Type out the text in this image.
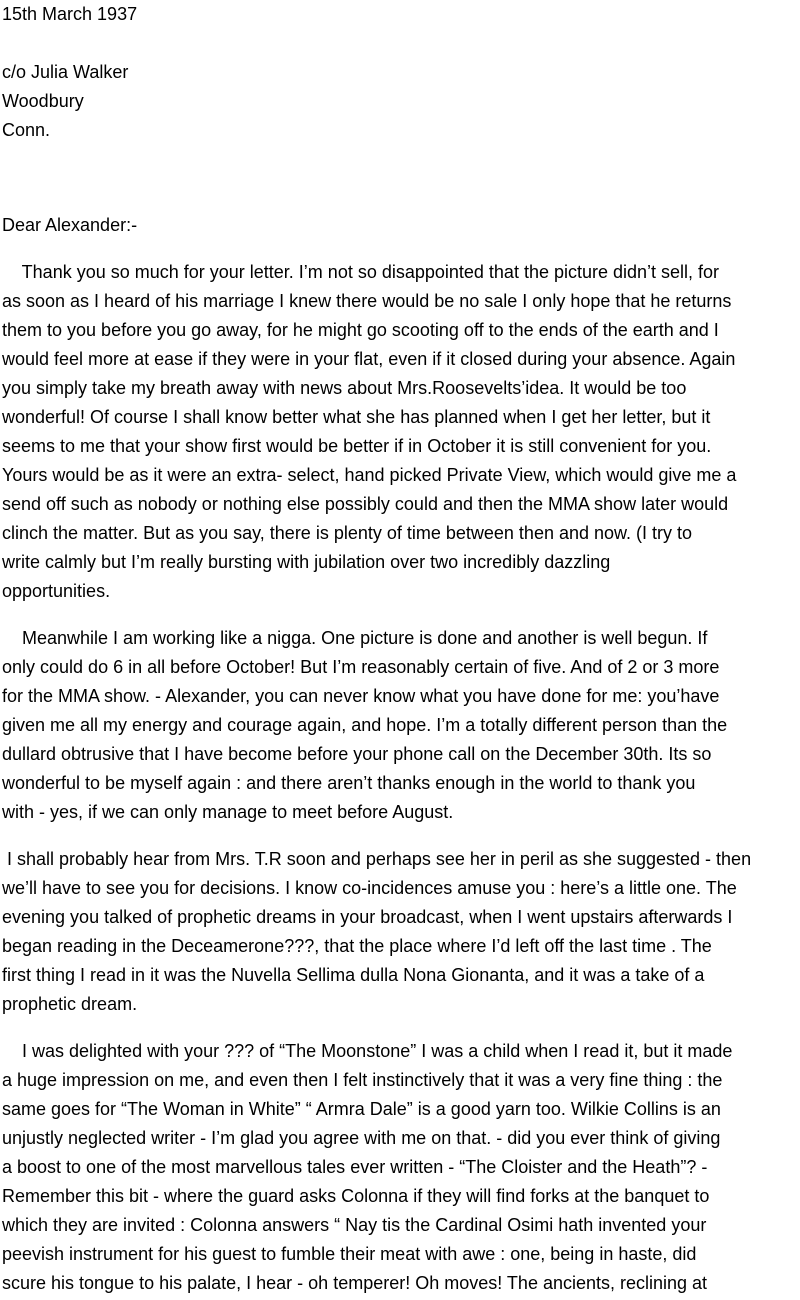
15th March 1937

c/o Julia Walker

Woodbury

Conn.

Dear Alexander:-

Thank you so much for your letter. I’m not so disappointed that the picture didn’t sell, for

as soon as I heard of his marriage I knew there would be no sale I only hope that he returns

them to you before you go away, for he might go scooting off to the ends of the earth and I

would feel more at ease if they were in your flat, even if it closed during your absence. Again

you simply take my breath away with news about Mrs.Roosevelts’idea. It would be too

wonderful! Of course I shall know better what she has planned when I get her letter, but it

seems to me that your show first would be better if in October it is still convenient for you.

Yours would be as it were an extra- select, hand picked Private View, which would give me a

send off such as nobody or nothing else possibly could and then the MMA show later would

clinch the matter. But as you say, there is plenty of time between then and now. (I try to

write calmly but I’m really bursting with jubilation over two incredibly dazzling

opportunities.

Meanwhile I am working like a nigga. One picture is done and another is well begun. If

only could do 6 in all before October! But I’m reasonably certain of five. And of 2 or 3 more

for the MMA show. - Alexander, you can never know what you have done for me: you’have

given me all my energy and courage again, and hope. I’m a totally different person than the

dullard obtrusive that I have become before your phone call on the December 30th. Its so

wonderful to be myself again : and there aren’t thanks enough in the world to thank you

with - yes, if we can only manage to meet before August.

I shall probably hear from Mrs. T.R soon and perhaps see her in peril as she suggested - then

we’ll have to see you for decisions. I know co-incidences amuse you : here’s a little one. The

evening you talked of prophetic dreams in your broadcast, when I went upstairs afterwards I

began reading in the Deceamerone???, that the place where I’d left off the last time . The

first thing I read in it was the Nuvella Sellima dulla Nona Gionanta, and it was a take of a

prophetic dream.

I was delighted with your ??? of “The Moonstone” I was a child when I read it, but it made

a huge impression on me, and even then I felt instinctively that it was a very fine thing : the

same goes for “The Woman in White” “ Armra Dale” is a good yarn too. Wilkie Collins is an

unjustly neglected writer - I’m glad you agree with me on that. - did you ever think of giving

a boost to one of the most marvellous tales ever written - “The Cloister and the Heath”? -

Remember this bit - where the guard asks Colonna if they will find forks at the banquet to

which they are invited : Colonna answers “ Nay tis the Cardinal Osimi hath invented your

peevish instrument for his guest to fumble their meat with awe : one, being in haste, did

scure his tongue to his palate, I hear - oh temperer! Oh moves! The ancients, reclining at
